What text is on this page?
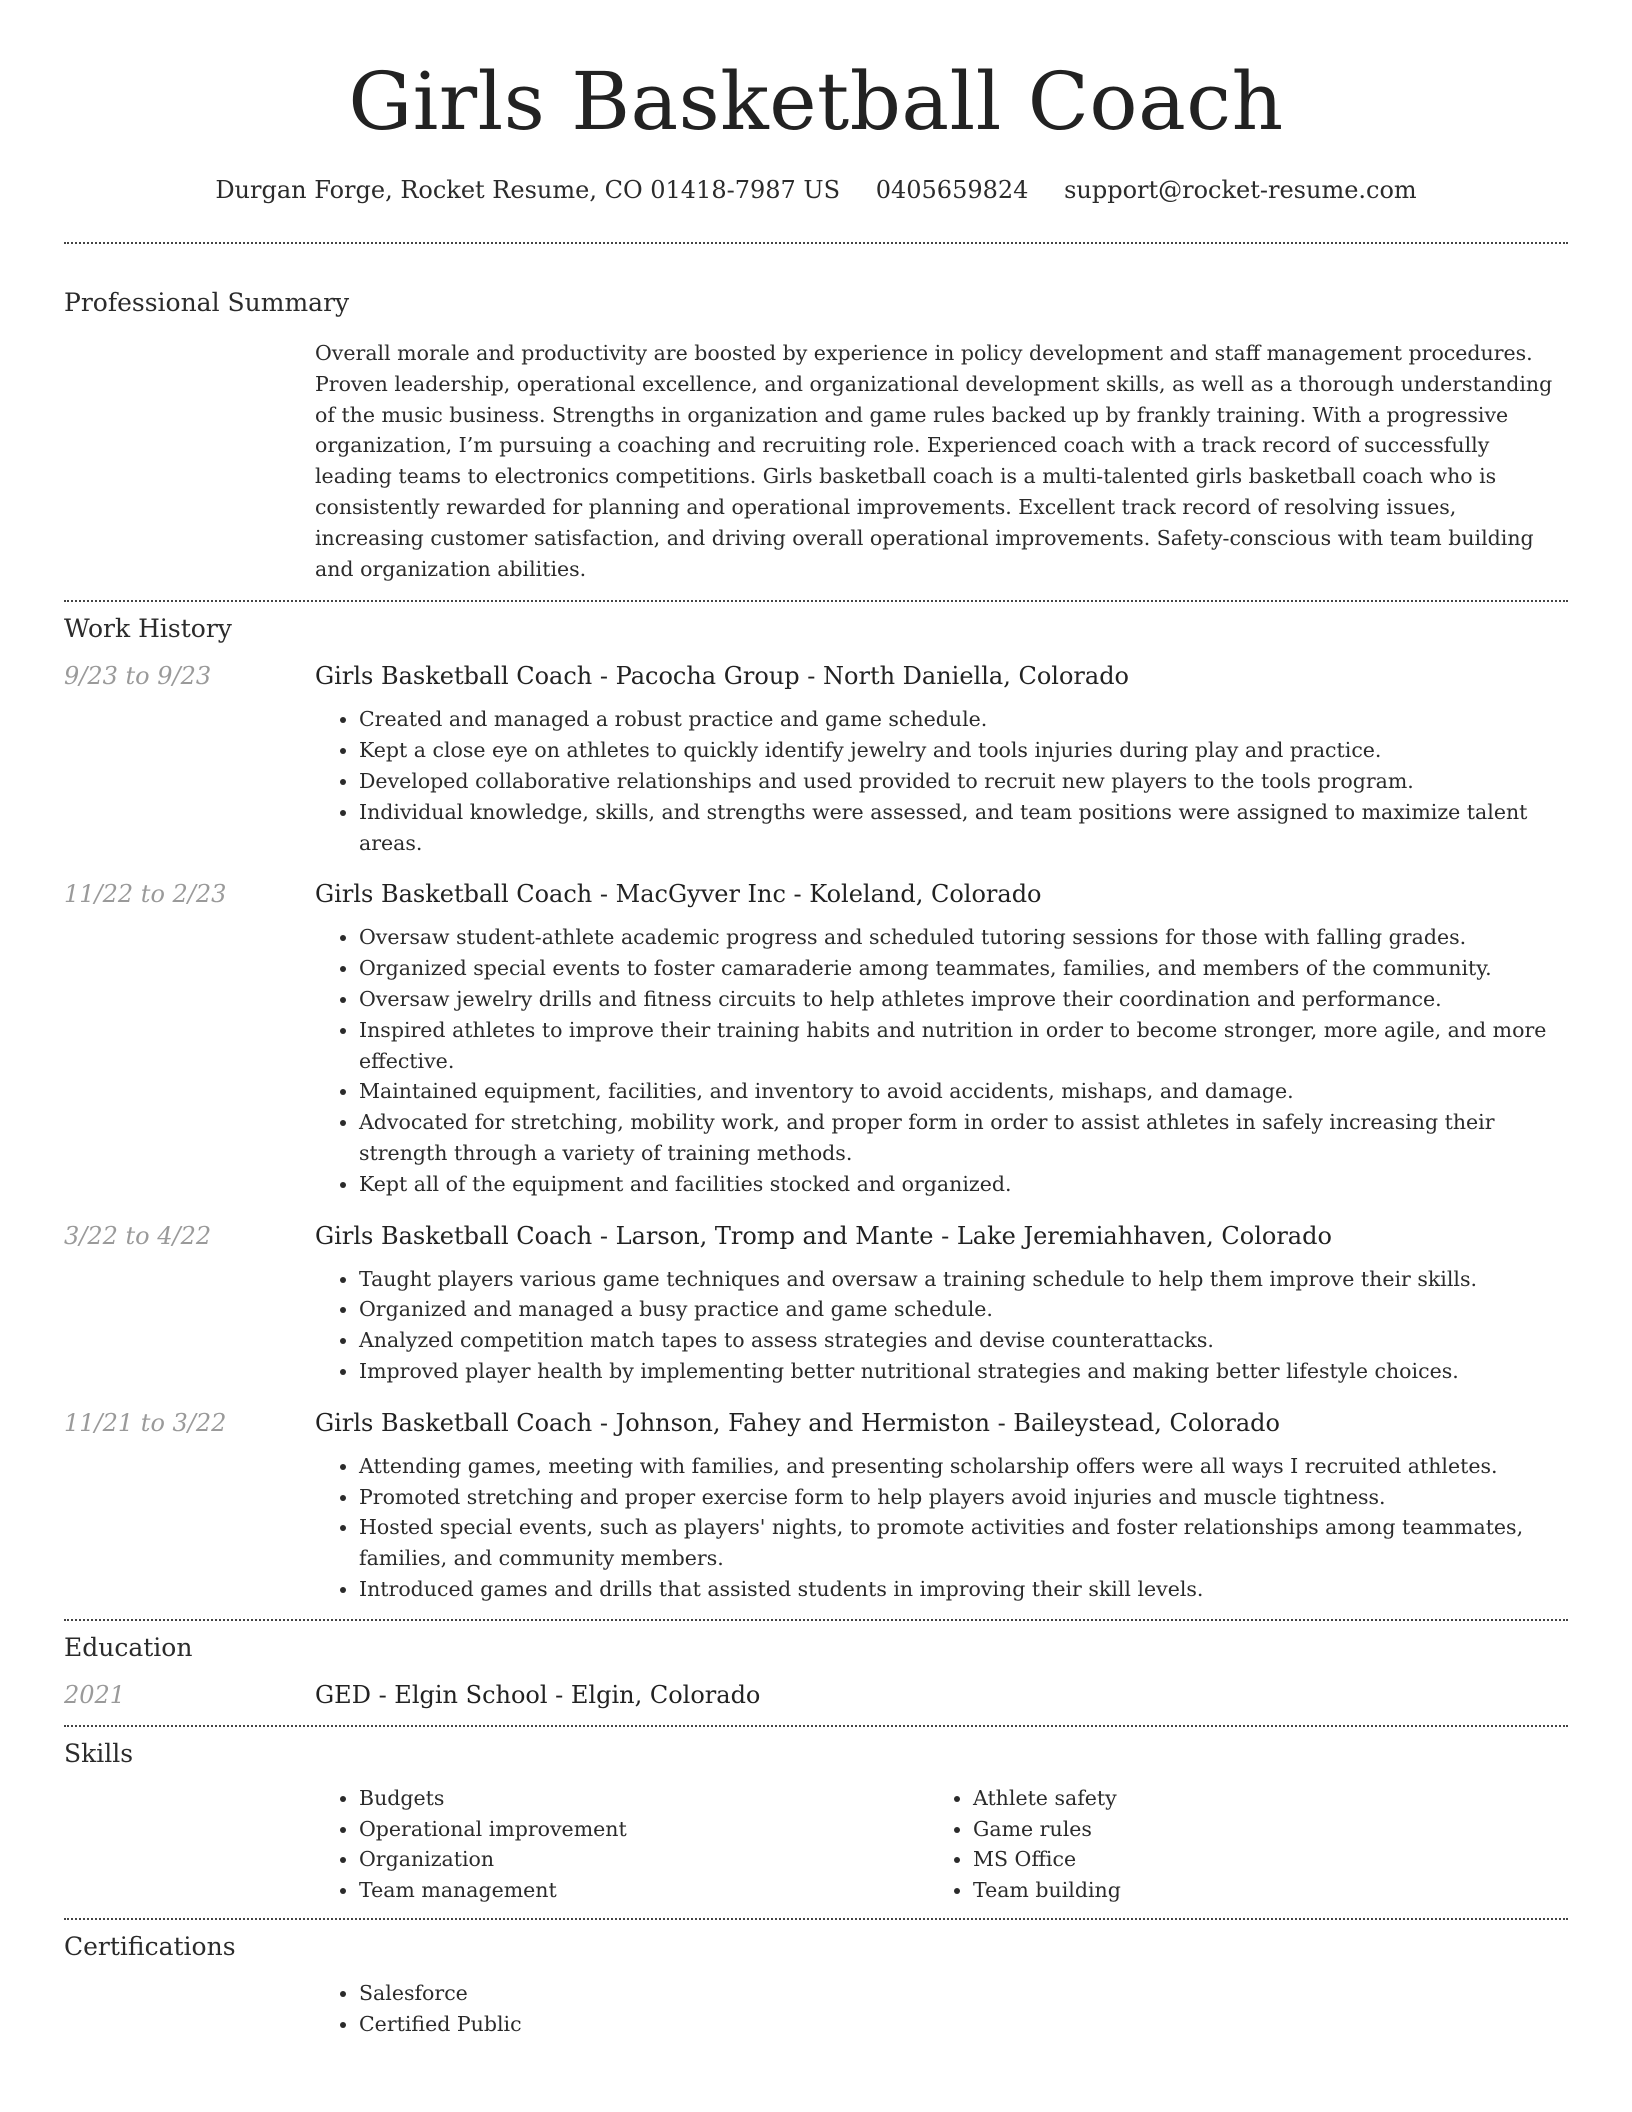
Girls Basketball Coach
Durgan Forge, Rocket Resume, CO 01418-7987 US 0405659824 support@rocket-resume.com
Professional Summary
Overall morale and productivity are boosted by experience in policy development and staff management procedures. Proven leadership, operational excellence, and organizational development skills, as well as a thorough understanding of the music business. Strengths in organization and game rules backed up by frankly training. With a progressive organization, I’m pursuing a coaching and recruiting role. Experienced coach with a track record of successfully leading teams to electronics competitions. Girls basketball coach is a multi-talented girls basketball coach who is consistently rewarded for planning and operational improvements. Excellent track record of resolving issues, increasing customer satisfaction, and driving overall operational improvements. Safety-conscious with team building and organization abilities.
Work History
9/23 to 9/23	Girls Basketball Coach - Pacocha Group - North Daniella, Colorado
• Created and managed a robust practice and game schedule.
• Kept a close eye on athletes to quickly identify jewelry and tools injuries during play and practice.
• Developed collaborative relationships and used provided to recruit new players to the tools program.
• Individual knowledge, skills, and strengths were assessed, and team positions were assigned to maximize talent areas.
11/22 to 2/23	Girls Basketball Coach - MacGyver Inc - Koleland, Colorado
• Oversaw student-athlete academic progress and scheduled tutoring sessions for those with falling grades.
• Organized special events to foster camaraderie among teammates, families, and members of the community.
• Oversaw jewelry drills and fitness circuits to help athletes improve their coordination and performance.
• Inspired athletes to improve their training habits and nutrition in order to become stronger, more agile, and more effective.
• Maintained equipment, facilities, and inventory to avoid accidents, mishaps, and damage.
• Advocated for stretching, mobility work, and proper form in order to assist athletes in safely increasing their strength through a variety of training methods.
• Kept all of the equipment and facilities stocked and organized.
3/22 to 4/22	Girls Basketball Coach - Larson, Tromp and Mante - Lake Jeremiahhaven, Colorado
• Taught players various game techniques and oversaw a training schedule to help them improve their skills.
• Organized and managed a busy practice and game schedule.
• Analyzed competition match tapes to assess strategies and devise counterattacks.
• Improved player health by implementing better nutritional strategies and making better lifestyle choices.
11/21 to 3/22	Girls Basketball Coach - Johnson, Fahey and Hermiston - Baileystead, Colorado
• Attending games, meeting with families, and presenting scholarship offers were all ways I recruited athletes.
• Promoted stretching and proper exercise form to help players avoid injuries and muscle tightness.
• Hosted special events, such as players' nights, to promote activities and foster relationships among teammates, families, and community members.
• Introduced games and drills that assisted students in improving their skill levels.
Education
2021	GED - Elgin School - Elgin, Colorado
Skills
• Budgets
• Operational improvement
• Organization
• Team management
• Athlete safety
• Game rules
• MS Office
• Team building
Certifications
• Salesforce
• Certified Public
